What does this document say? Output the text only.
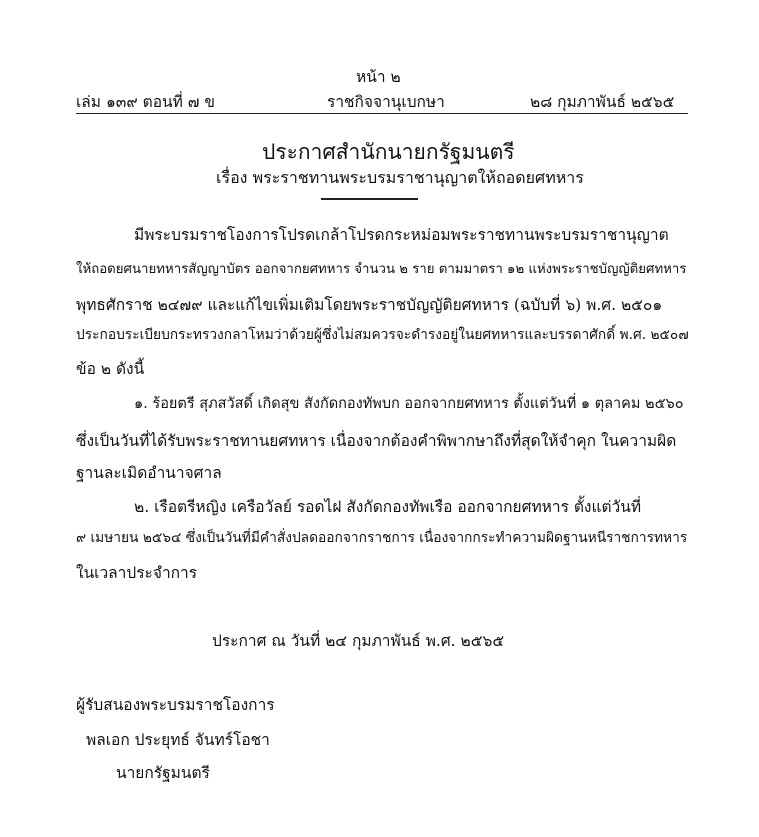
หน้า ๒
เล่ม ๑๓๙ ตอนที่ ๗ ข	ราชกิจจานุเบกษา	๒๘ กุมภาพันธ์ ๒๕๖๕
ประกาศสำนักนายกรัฐมนตรี
เรื่อง พระราชทานพระบรมราชานุญาตให้ถอดยศทหาร
มีพระบรมราชโองการโปรดเกล้าโปรดกระหม่อมพระราชทานพระบรมราชานุญาต
ให้ถอดยศนายทหารสัญญาบัตร ออกจากยศทหาร จำนวน ๒ ราย ตามมาตรา ๑๒ แห่งพระราชบัญญัติยศทหาร
พุทธศักราช ๒๔๗๙ และแก้ไขเพิ่มเติมโดยพระราชบัญญัติยศทหาร (ฉบับที่ ๖) พ.ศ. ๒๕๐๑
ประกอบระเบียบกระทรวงกลาโหมว่าด้วยผู้ซึ่งไม่สมควรจะดำรงอยู่ในยศทหารและบรรดาศักดิ์ พ.ศ. ๒๕๐๗
ข้อ ๒ ดังนี้
๑. ร้อยตรี สุภสวัสดิ์ เกิดสุข สังกัดกองทัพบก ออกจากยศทหาร ตั้งแต่วันที่ ๑ ตุลาคม ๒๕๖๐
ซึ่งเป็นวันที่ได้รับพระราชทานยศทหาร เนื่องจากต้องคำพิพากษาถึงที่สุดให้จำคุก ในความผิด
ฐานละเมิดอำนาจศาล
๒. เรือตรีหญิง เครือวัลย์ รอดไฝ สังกัดกองทัพเรือ ออกจากยศทหาร ตั้งแต่วันที่
๙ เมษายน ๒๕๖๔ ซึ่งเป็นวันที่มีคำสั่งปลดออกจากราชการ เนื่องจากกระทำความผิดฐานหนีราชการทหาร
ในเวลาประจำการ
ประกาศ ณ วันที่ ๒๔ กุมภาพันธ์ พ.ศ. ๒๕๖๕
ผู้รับสนองพระบรมราชโองการ
พลเอก ประยุทธ์ จันทร์โอชา
นายกรัฐมนตรี
